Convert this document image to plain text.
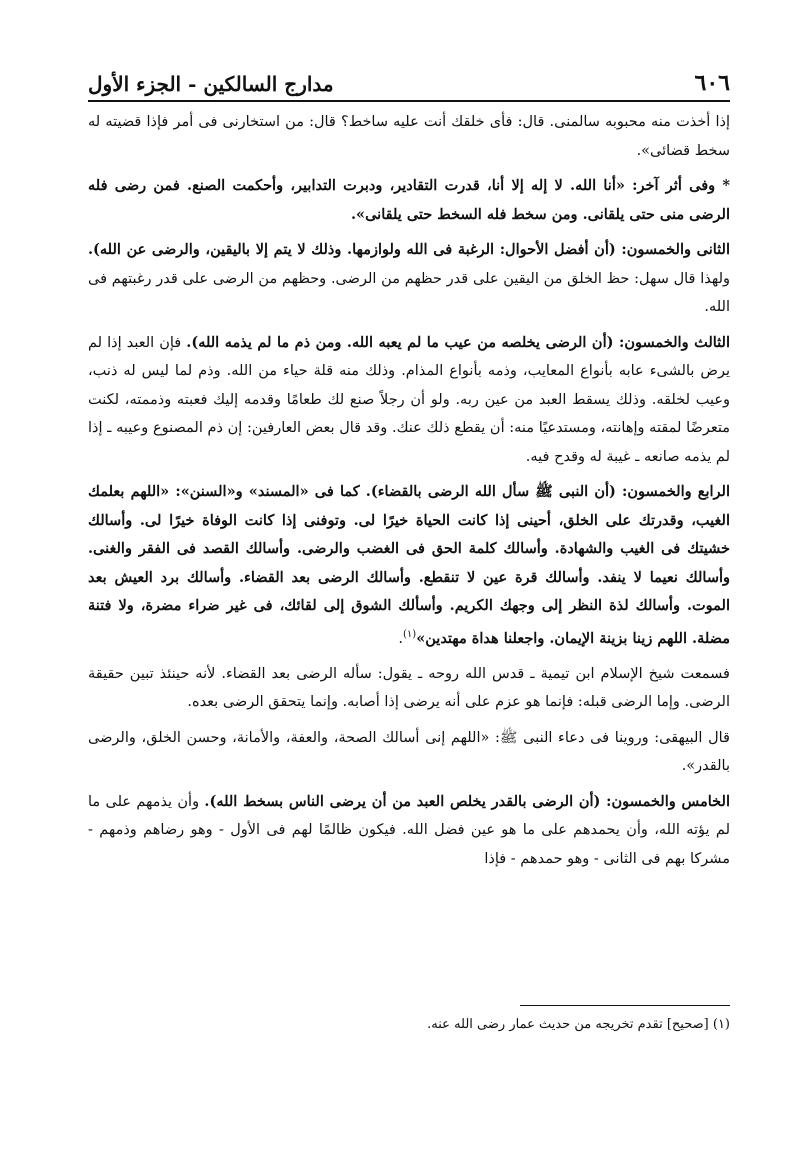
٦٠٦
مدارج السالكين - الجزء الأول

إذا أخذت منه محبوبه سالمنى. قال: فأى خلقك أنت عليه ساخط؟ قال: من استخارنى فى أمر فإذا قضيته له سخط قضائى».

* وفى أثر آخر: «أنا الله. لا إله إلا أنا، قدرت التقادير، ودبرت التدابير، وأحكمت الصنع. فمن رضى فله الرضى منى حتى يلقانى. ومن سخط فله السخط حتى يلقانى».

الثانى والخمسون: (أن أفضل الأحوال: الرغبة فى الله ولوازمها. وذلك لا يتم إلا باليقين، والرضى عن الله). ولهذا قال سهل: حظ الخلق من اليقين على قدر حظهم من الرضى. وحظهم من الرضى على قدر رغبتهم فى الله.

الثالث والخمسون: (أن الرضى يخلصه من عيب ما لم يعبه الله. ومن ذم ما لم يذمه الله). فإن العبد إذا لم يرض بالشىء عابه بأنواع المعايب، وذمه بأنواع المذام. وذلك منه قلة حياء من الله. وذم لما ليس له ذنب، وعيب لخلقه. وذلك يسقط العبد من عين ربه. ولو أن رجلاً صنع لك طعامًا وقدمه إليك فعبته وذممته، لكنت متعرضًا لمقته وإهانته، ومستدعيًا منه: أن يقطع ذلك عنك. وقد قال بعض العارفين: إن ذم المصنوع وعيبه ـ إذا لم يذمه صانعه ـ غيبة له وقدح فيه.

الرابع والخمسون: (أن النبى ﷺ سأل الله الرضى بالقضاء). كما فى «المسند» و«السنن»: «اللهم بعلمك الغيب، وقدرتك على الخلق، أحينى إذا كانت الحياة خيرًا لى. وتوفنى إذا كانت الوفاة خيرًا لى. وأسالك خشيتك فى الغيب والشهادة. وأسالك كلمة الحق فى الغضب والرضى. وأسالك القصد فى الفقر والغنى. وأسالك نعيما لا ينفد. وأسالك قرة عين لا تنقطع. وأسالك الرضى بعد القضاء. وأسالك برد العيش بعد الموت. وأسالك لذة النظر إلى وجهك الكريم. وأسألك الشوق إلى لقائك، فى غير ضراء مضرة، ولا فتنة مضلة. اللهم زينا بزينة الإيمان. واجعلنا هداة مهتدين»$^{(١)}$.

فسمعت شيخ الإسلام ابن تيمية ـ قدس الله روحه ـ يقول: سأله الرضى بعد القضاء. لأنه حينئذ تبين حقيقة الرضى. وإما الرضى قبله: فإنما هو عزم على أنه يرضى إذا أصابه. وإنما يتحقق الرضى بعده.

قال البيهقى: وروينا فى دعاء النبى ﷺ: «اللهم إنى أسالك الصحة، والعفة، والأمانة، وحسن الخلق، والرضى بالقدر».

الخامس والخمسون: (أن الرضى بالقدر يخلص العبد من أن يرضى الناس بسخط الله). وأن يذمهم على ما لم يؤته الله، وأن يحمدهم على ما هو عين فضل الله. فيكون ظالمًا لهم فى الأول - وهو رضاهم وذمهم - مشركا بهم فى الثانى - وهو حمدهم - فإذا

(١) [صحيح] تقدم تخريجه من حديث عمار رضى الله عنه.
